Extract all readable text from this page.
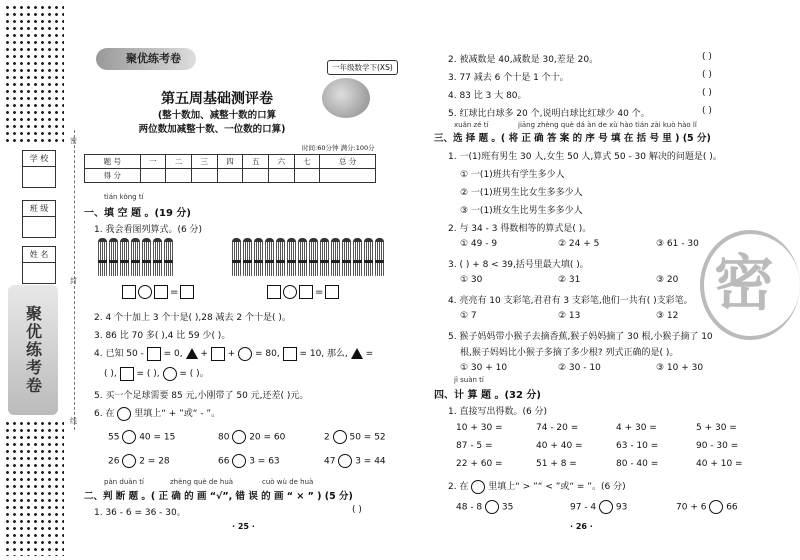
学 校
班 级
姓 名
密
封
线
聚优练考卷
聚优练考卷
一年级数学下(XS)
第五周基础测评卷
(整十数加、减整十数的口算
两位数加减整十数、一位数的口算)
时间:60分钟 满分:100分
题 号	一	二	三	四	五	六	七	总 分
得 分								
tián kòng tí
一、填 空 题 。(19 分)
1. 我会看图列算式。(6 分)
=	=
2. 4 个十加上 3 个十是( ),28 减去 2 个十是( )。
3. 86 比 70 多( ),4 比 59 少( )。
4. 已知 50 - = 0, + + = 80, = 10, 那么, =
( ), = ( ), = ( )。
5. 买一个足球需要 85 元,小刚带了 50 元,还差( )元。
6. 在 里填上“ + ”或“ - ”。
55 40 = 15	80 20 = 60	2 50 = 52
26 2 = 28	66 3 = 63	47 3 = 44
pàn duàn tí	zhèng què de huà	cuò wù de huà
二、判 断 题 。( 正 确 的 画 “√”, 错 误 的 画 “ × ” ) (5 分)
1. 36 - 6 = 36 - 30。	( )
· 25 ·
2. 被减数是 40,减数是 30,差是 20。	( )
3. 77 减去 6 个十是 1 个十。	( )
4. 83 比 3 大 80。	( )
5. 红球比白球多 20 个,说明白球比红球少 40 个。	( )
xuǎn zé tí	jiāng zhèng què dá àn de xù hào tián zài kuò hào lǐ
三、选 择 题 。( 将 正 确 答 案 的 序 号 填 在 括 号 里 ) (5 分)
1. 一(1)班有男生 30 人,女生 50 人,算式 50 - 30 解决的问题是( )。
① 一(1)班共有学生多少人
② 一(1)班男生比女生多多少人
③ 一(1)班女生比男生多多少人
2. 与 34 - 3 得数相等的算式是( )。
① 49 - 9	② 24 + 5	③ 61 - 30
3. ( ) + 8 < 39,括号里最大填( )。
① 30	② 31	③ 20
4. 亮亮有 10 支彩笔,君君有 3 支彩笔,他们一共有( )支彩笔。
① 7	② 13	③ 12
5. 猴子妈妈带小猴子去摘香蕉,猴子妈妈摘了 30 根,小猴子摘了 10
根,猴子妈妈比小猴子多摘了多少根? 列式正确的是( )。
① 30 + 10	② 30 - 10	③ 10 + 30
jì suàn tí
四、计 算 题 。(32 分)
1. 直接写出得数。(6 分)
10 + 30 =	74 - 20 =	4 + 30 =	5 + 30 =
87 - 5 =	40 + 40 =	63 - 10 =	90 - 30 =
22 + 60 =	51 + 8 =	80 - 40 =	40 + 10 =
2. 在 里填上“ > ”“ < ”或“ = ”。(6 分)
48 - 8 35	97 - 4 93	70 + 6 66
· 26 ·
密
